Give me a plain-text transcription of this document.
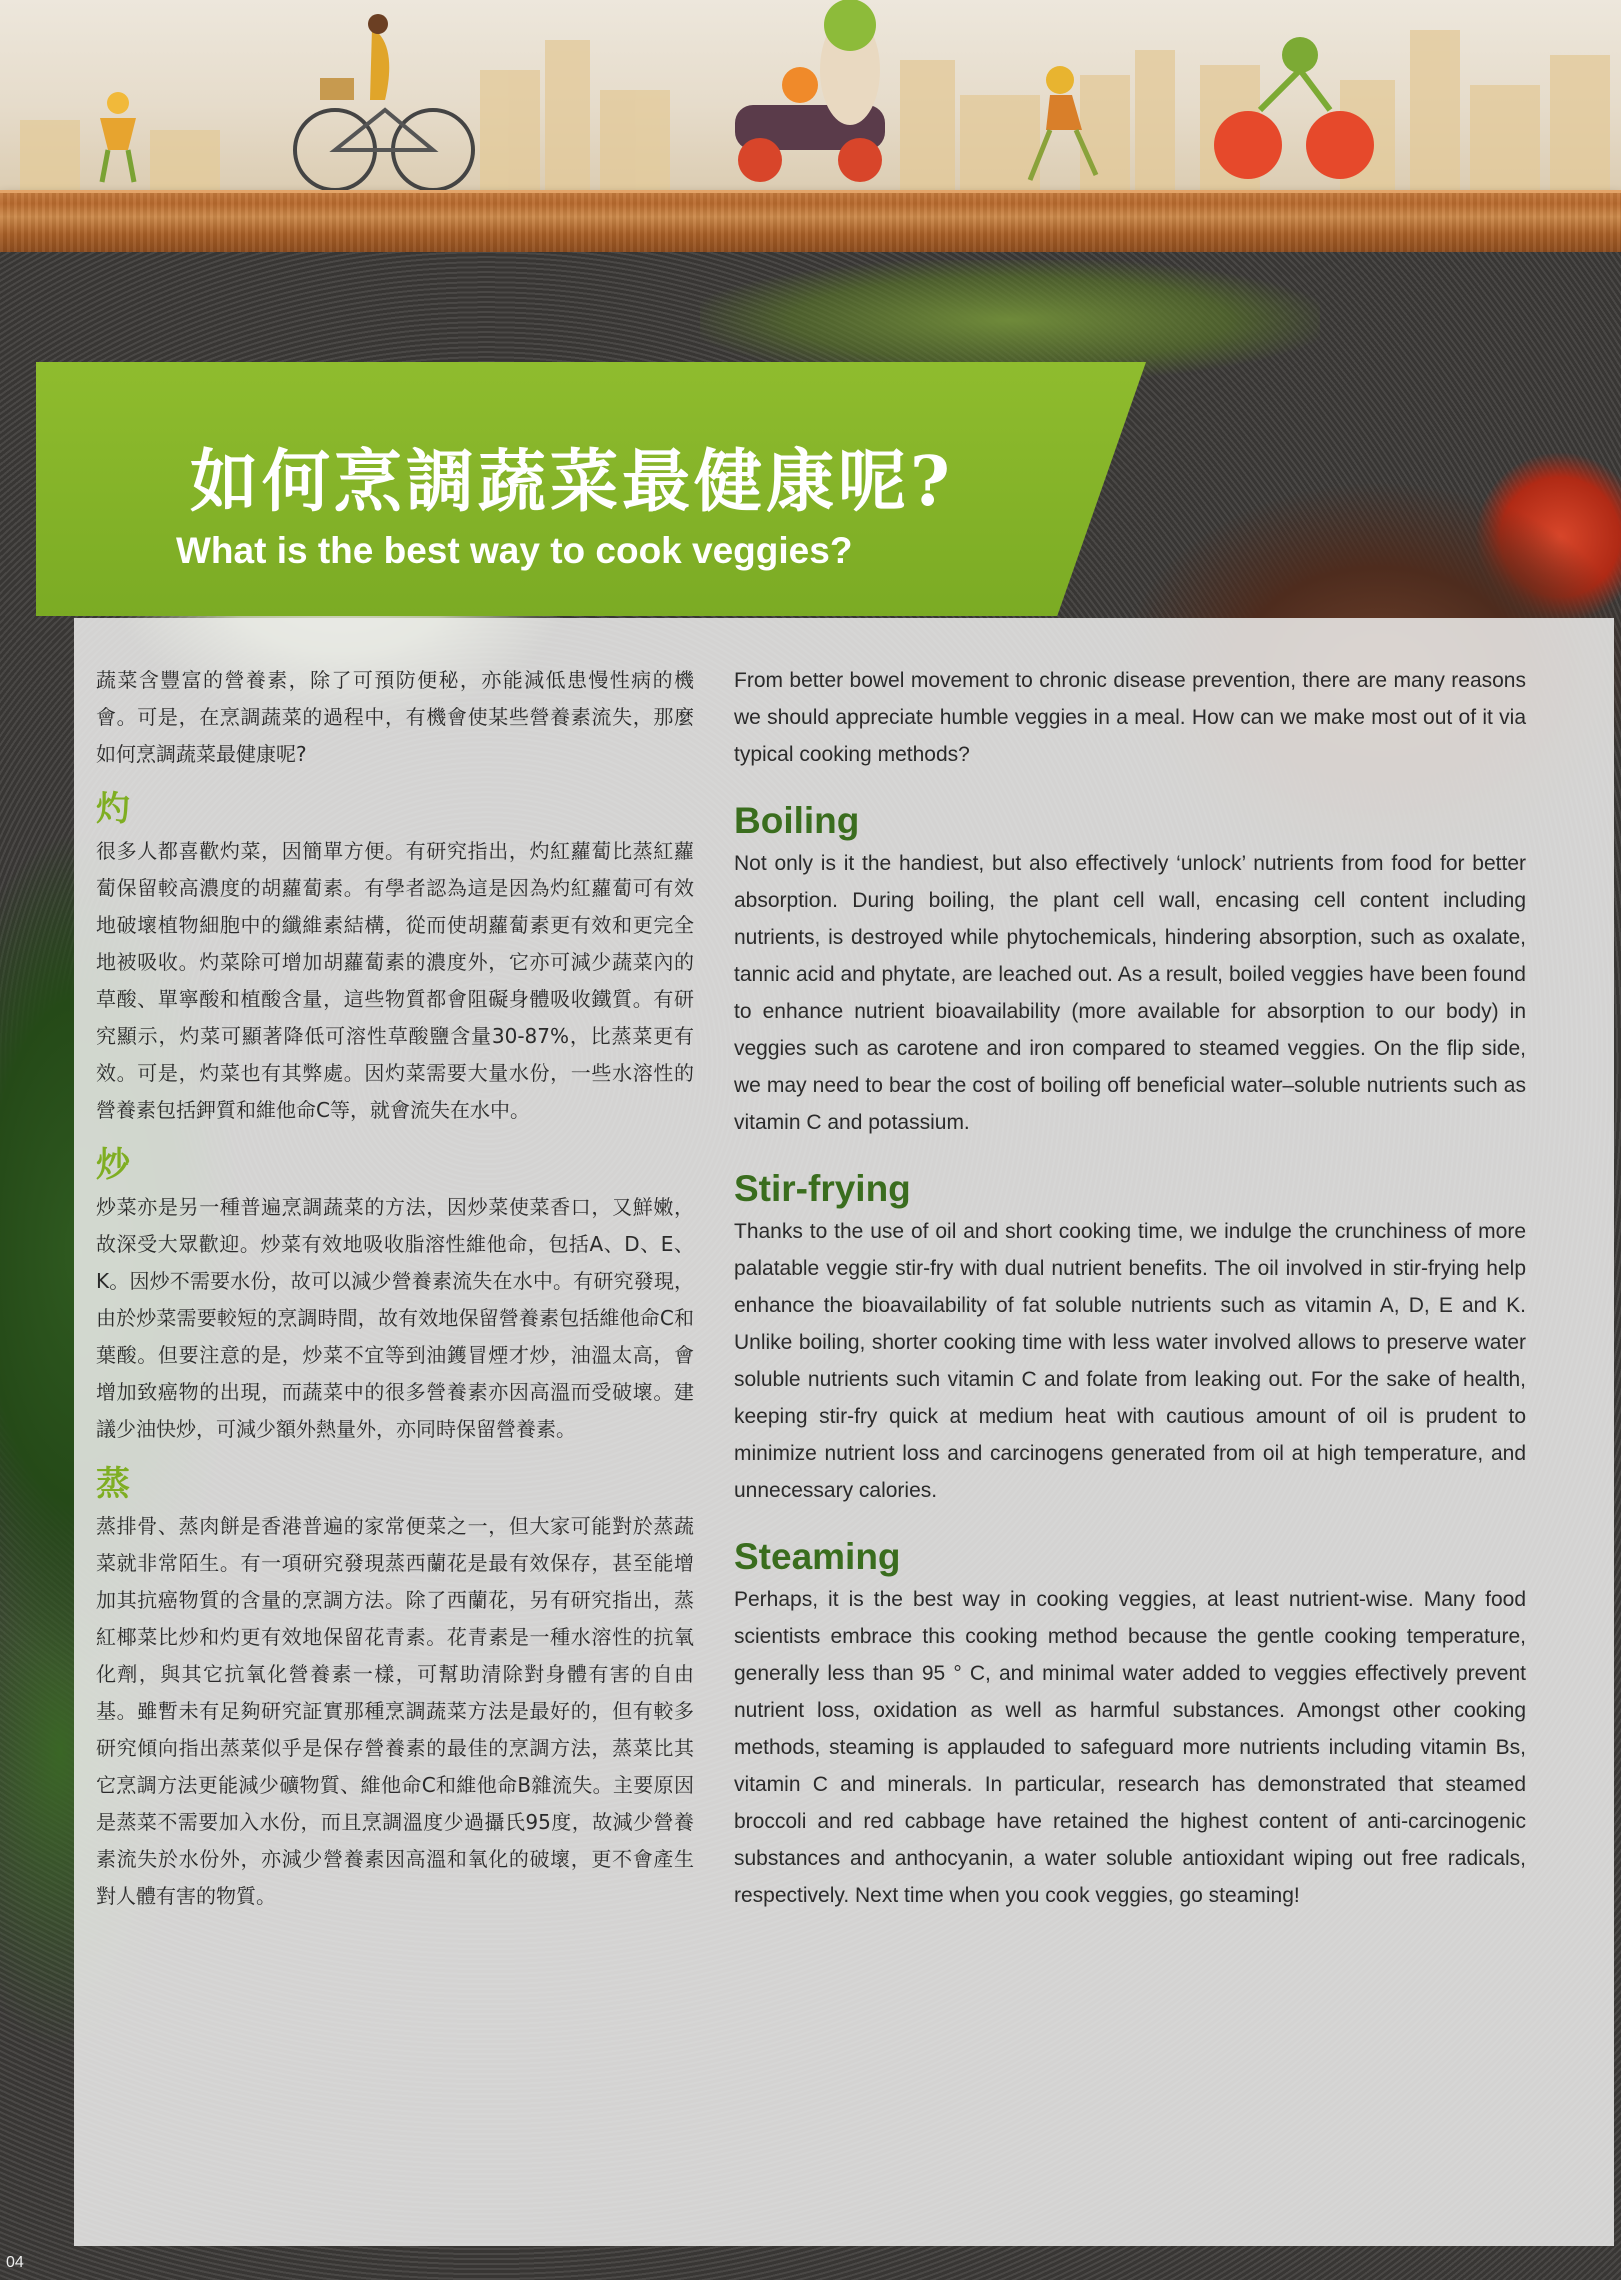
如何烹調蔬菜最健康呢?
What is the best way to cook veggies?

蔬菜含豐富的營養素，除了可預防便秘，亦能減低患慢性病的機會。可是，在烹調蔬菜的過程中，有機會使某些營養素流失，那麼如何烹調蔬菜最健康呢?

灼

很多人都喜歡灼菜，因簡單方便。有研究指出，灼紅蘿蔔比蒸紅蘿蔔保留較高濃度的胡蘿蔔素。有學者認為這是因為灼紅蘿蔔可有效地破壞植物細胞中的纖維素結構，從而使胡蘿蔔素更有效和更完全地被吸收。灼菜除可增加胡蘿蔔素的濃度外，它亦可減少蔬菜內的草酸、單寧酸和植酸含量，這些物質都會阻礙身體吸收鐵質。有研究顯示，灼菜可顯著降低可溶性草酸鹽含量30-87%，比蒸菜更有效。可是，灼菜也有其弊處。因灼菜需要大量水份，一些水溶性的營養素包括鉀質和維他命C等，就會流失在水中。

炒

炒菜亦是另一種普遍烹調蔬菜的方法，因炒菜使菜香口，又鮮嫩，故深受大眾歡迎。炒菜有效地吸收脂溶性維他命，包括A、D、E、K。因炒不需要水份，故可以減少營養素流失在水中。有研究發現，由於炒菜需要較短的烹調時間，故有效地保留營養素包括維他命C和葉酸。但要注意的是，炒菜不宜等到油鑊冒煙才炒，油溫太高，會增加致癌物的出現，而蔬菜中的很多營養素亦因高溫而受破壞。建議少油快炒，可減少額外熱量外，亦同時保留營養素。

蒸

蒸排骨、蒸肉餅是香港普遍的家常便菜之一，但大家可能對於蒸蔬菜就非常陌生。有一項研究發現蒸西蘭花是最有效保存，甚至能增加其抗癌物質的含量的烹調方法。除了西蘭花，另有研究指出，蒸紅椰菜比炒和灼更有效地保留花青素。花青素是一種水溶性的抗氧化劑，與其它抗氧化營養素一樣，可幫助清除對身體有害的自由基。雖暫未有足夠研究証實那種烹調蔬菜方法是最好的，但有較多研究傾向指出蒸菜似乎是保存營養素的最佳的烹調方法，蒸菜比其它烹調方法更能減少礦物質、維他命C和維他命B雜流失。主要原因是蒸菜不需要加入水份，而且烹調溫度少過攝氏95度，故減少營養素流失於水份外，亦減少營養素因高溫和氧化的破壞，更不會產生對人體有害的物質。

From better bowel movement to chronic disease prevention, there are many reasons we should appreciate humble veggies in a meal. How can we make most out of it via typical cooking methods?

Boiling

Not only is it the handiest, but also effectively ‘unlock’ nutrients from food for better absorption. During boiling, the plant cell wall, encasing cell content including nutrients, is destroyed while phytochemicals, hindering absorption, such as oxalate, tannic acid and phytate, are leached out. As a result, boiled veggies have been found to enhance nutrient bioavailability (more available for absorption to our body) in veggies such as carotene and iron compared to steamed veggies. On the flip side, we may need to bear the cost of boiling off beneficial water–soluble nutrients such as vitamin C and potassium.

Stir-frying

Thanks to the use of oil and short cooking time, we indulge the crunchiness of more palatable veggie stir-fry with dual nutrient benefits. The oil involved in stir-frying help enhance the bioavailability of fat soluble nutrients such as vitamin A, D, E and K. Unlike boiling, shorter cooking time with less water involved allows to preserve water soluble nutrients such vitamin C and folate from leaking out. For the sake of health, keeping stir-fry quick at medium heat with cautious amount of oil is prudent to minimize nutrient loss and carcinogens generated from oil at high temperature, and unnecessary calories.

Steaming

Perhaps, it is the best way in cooking veggies, at least nutrient-wise. Many food scientists embrace this cooking method because the gentle cooking temperature, generally less than 95 ° C, and minimal water added to veggies effectively prevent nutrient loss, oxidation as well as harmful substances. Amongst other cooking methods, steaming is applauded to safeguard more nutrients including vitamin Bs, vitamin C and minerals. In particular, research has demonstrated that steamed broccoli and red cabbage have retained the highest content of anti-carcinogenic substances and anthocyanin, a water soluble antioxidant wiping out free radicals, respectively. Next time when you cook veggies, go steaming!

04
